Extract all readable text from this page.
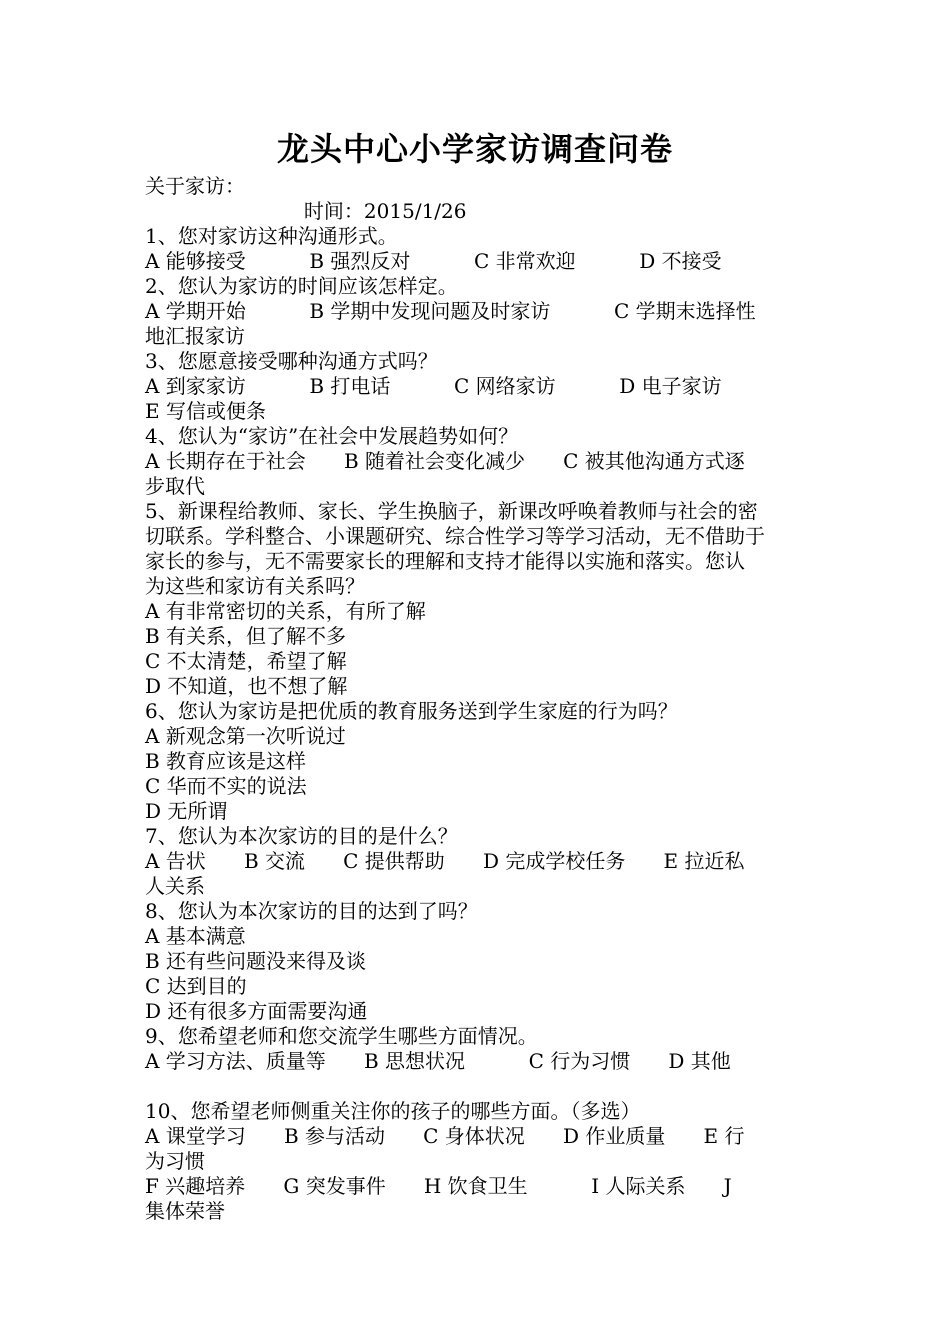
龙头中心小学家访调查问卷
关于家访：
时间：2015/1/26
1、您对家访这种沟通形式。
A 能够接受          B 强烈反对          C 非常欢迎          D 不接受
2、您认为家访的时间应该怎样定。
A 学期开始          B 学期中发现问题及时家访          C 学期末选择性
地汇报家访
3、您愿意接受哪种沟通方式吗？
A 到家家访          B 打电话          C 网络家访          D 电子家访
E 写信或便条
4、您认为“家访”在社会中发展趋势如何？
A 长期存在于社会      B 随着社会变化减少      C 被其他沟通方式逐
步取代
5、新课程给教师、家长、学生换脑子，新课改呼唤着教师与社会的密
切联系。学科整合、小课题研究、综合性学习等学习活动，无不借助于
家长的参与，无不需要家长的理解和支持才能得以实施和落实。您认
为这些和家访有关系吗？
A 有非常密切的关系，有所了解
B 有关系，但了解不多
C 不太清楚，希望了解
D 不知道，也不想了解
6、您认为家访是把优质的教育服务送到学生家庭的行为吗？
A 新观念第一次听说过
B 教育应该是这样
C 华而不实的说法
D 无所谓
7、您认为本次家访的目的是什么？
A 告状      B 交流      C 提供帮助      D 完成学校任务      E 拉近私
人关系
8、您认为本次家访的目的达到了吗？
A 基本满意
B 还有些问题没来得及谈
C 达到目的
D 还有很多方面需要沟通
9、您希望老师和您交流学生哪些方面情况。
A 学习方法、质量等      B 思想状况          C 行为习惯      D 其他
10、您希望老师侧重关注你的孩子的哪些方面。（多选）
A 课堂学习      B 参与活动      C 身体状况      D 作业质量      E 行
为习惯
F 兴趣培养      G 突发事件      H 饮食卫生          I 人际关系      J
集体荣誉
